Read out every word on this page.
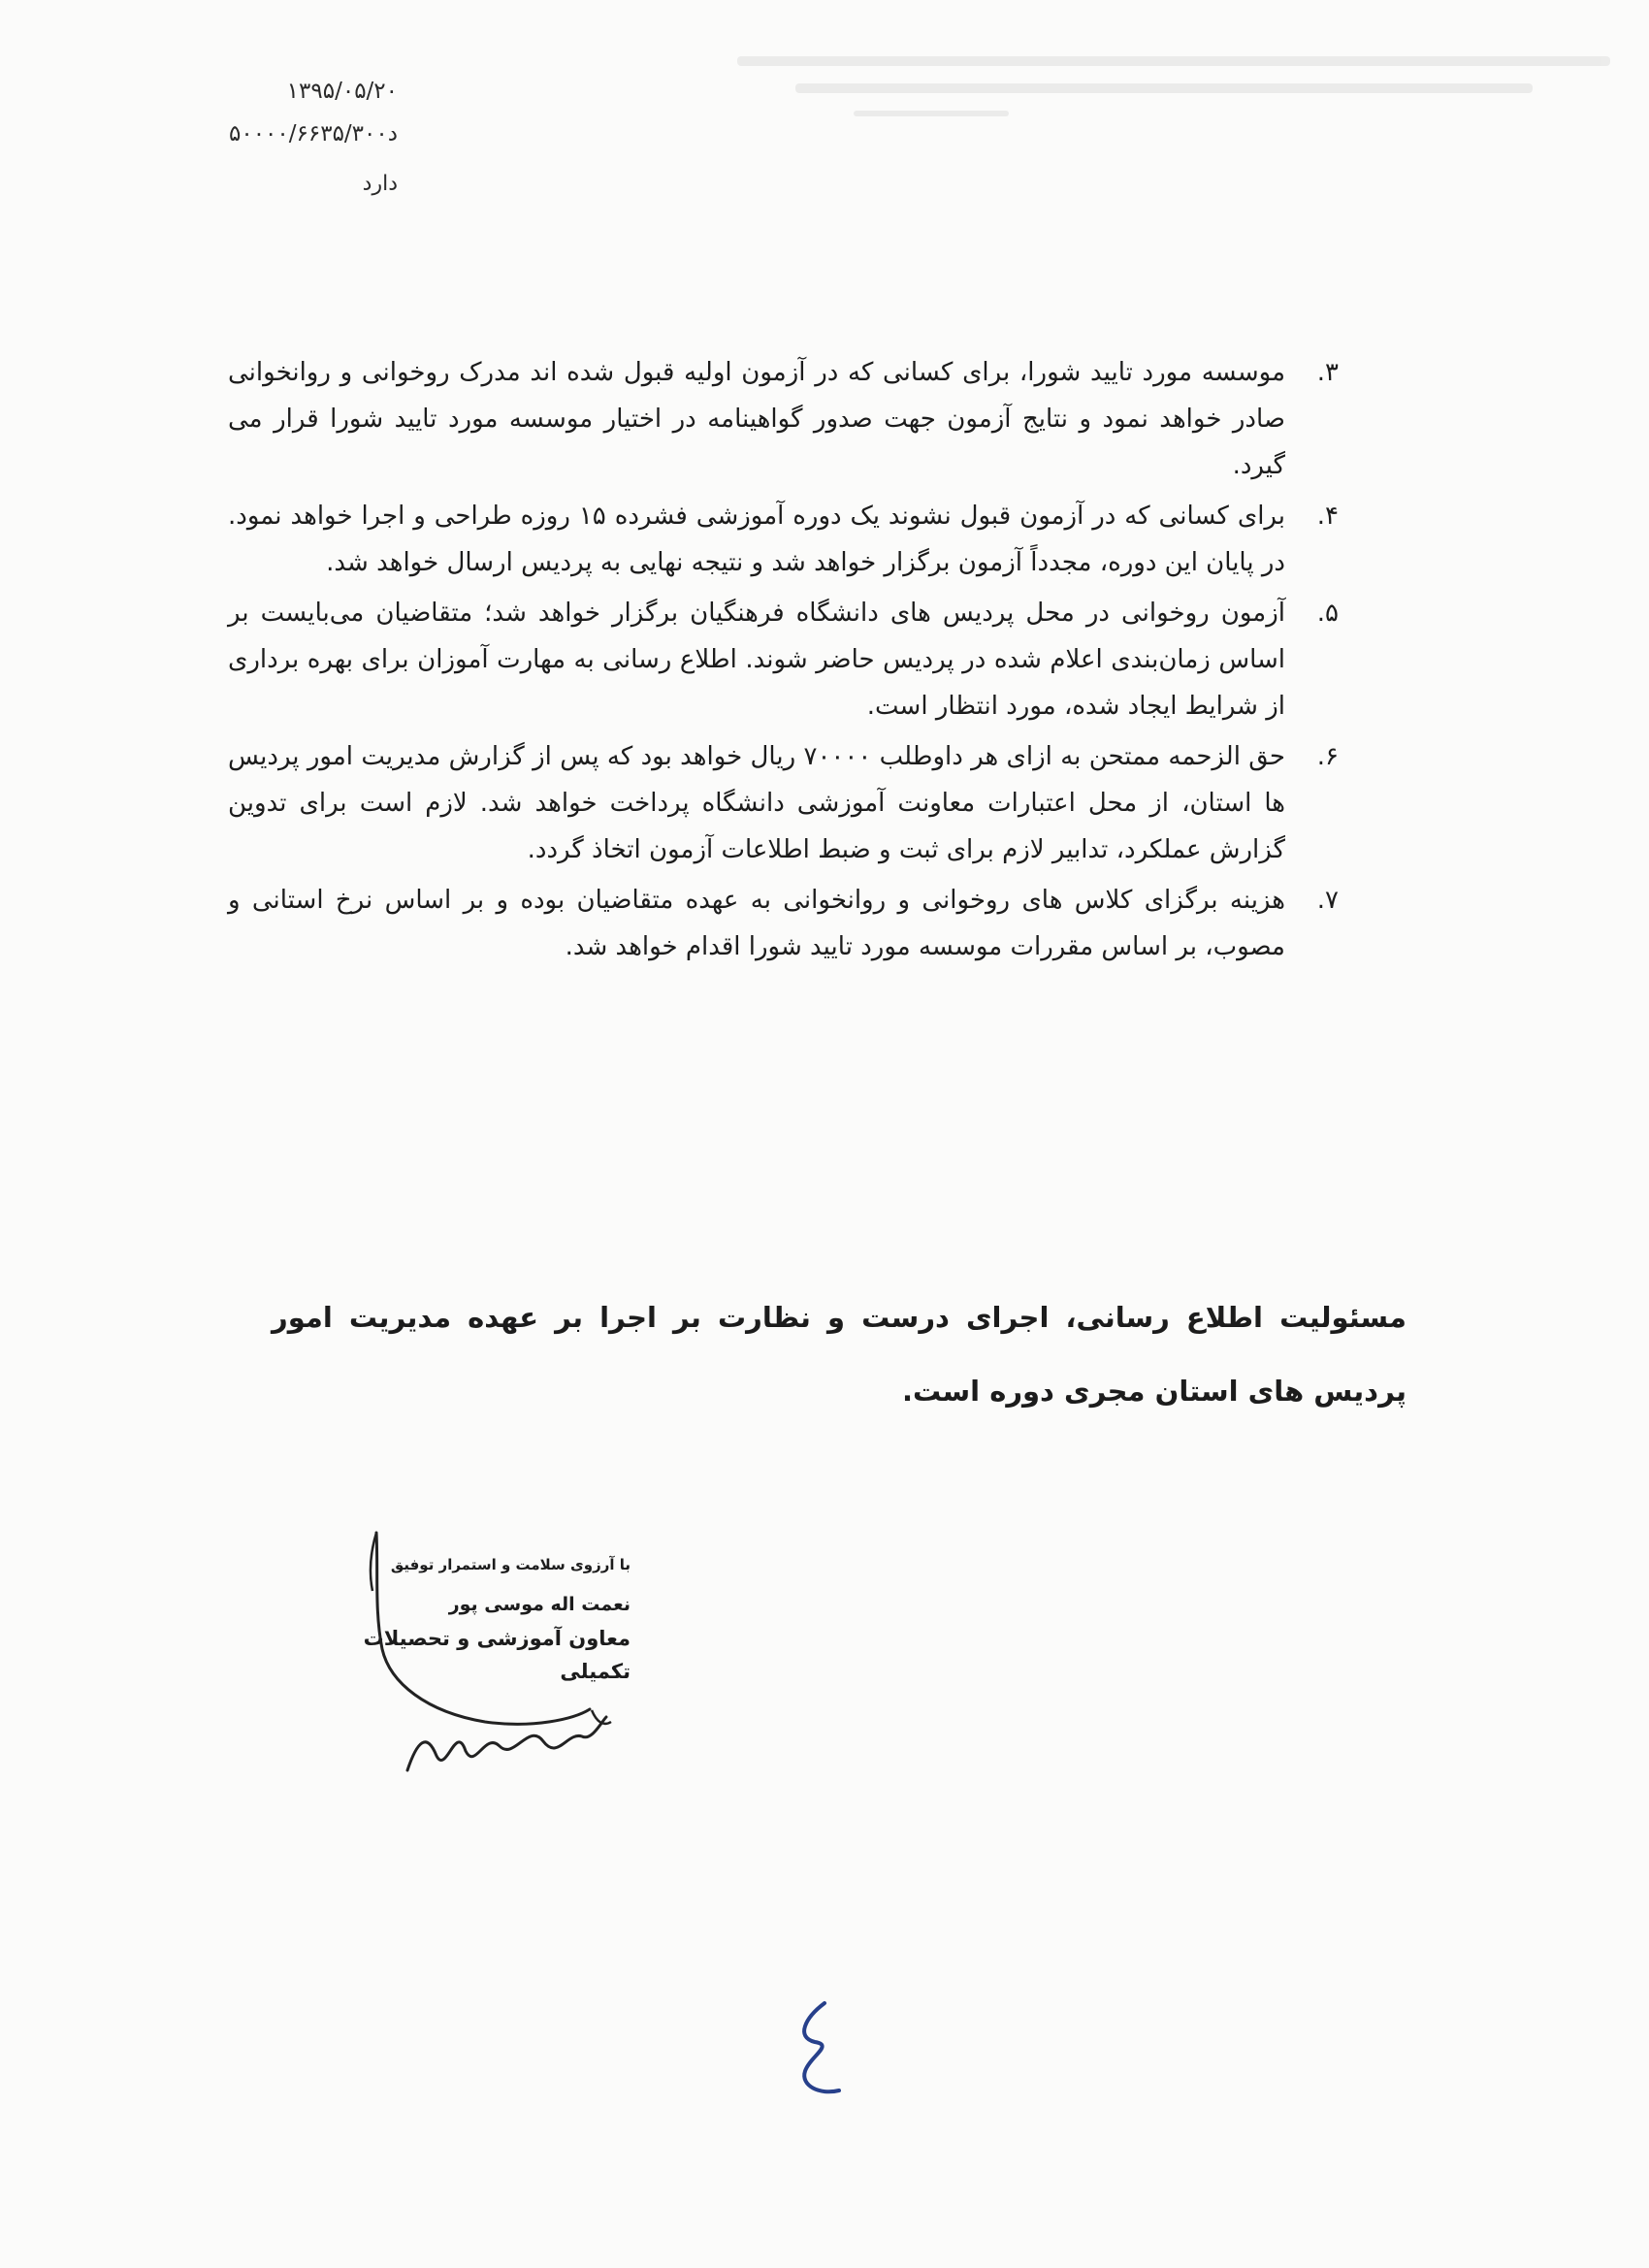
۱۳۹۵/۰۵/۲۰
۵۰۰۰۰/۶۶۳۵/۳۰۰د
دارد
۳.
موسسه مورد تایید شورا، برای کسانی که در آزمون اولیه قبول شده اند مدرک روخوانی و روانخوانی صادر خواهد نمود و نتایج آزمون جهت صدور گواهینامه در اختیار موسسه مورد تایید شورا قرار می گیرد.
۴.
برای کسانی که در آزمون قبول نشوند یک دوره آموزشی فشرده ۱۵ روزه طراحی و اجرا خواهد نمود. در پایان این دوره، مجدداً آزمون برگزار خواهد شد و نتیجه نهایی به پردیس ارسال خواهد شد.
۵.
آزمون روخوانی در محل پردیس های دانشگاه فرهنگیان برگزار خواهد شد؛ متقاضیان می‌بایست بر اساس زمان‌بندی اعلام شده در پردیس حاضر شوند. اطلاع رسانی به مهارت آموزان برای بهره برداری از شرایط ایجاد شده، مورد انتظار است.
۶.
حق الزحمه ممتحن به ازای هر داوطلب ۷۰۰۰۰ ریال خواهد بود که پس از گزارش مدیریت امور پردیس ها استان، از محل اعتبارات معاونت آموزشی دانشگاه پرداخت خواهد شد. لازم است برای تدوین گزارش عملکرد، تدابیر لازم برای ثبت و ضبط اطلاعات آزمون اتخاذ گردد.
۷.
هزینه برگزای کلاس های روخوانی و روانخوانی به عهده متقاضیان بوده و بر اساس نرخ استانی و مصوب، بر اساس مقررات موسسه مورد تایید شورا اقدام خواهد شد.
مسئولیت اطلاع رسانی، اجرای درست و نظارت بر اجرا بر عهده مدیریت امور پردیس های استان مجری دوره است.
با آرزوی سلامت و استمرار توفیق
نعمت اله موسی پور
معاون آموزشی و تحصیلات تکمیلی
